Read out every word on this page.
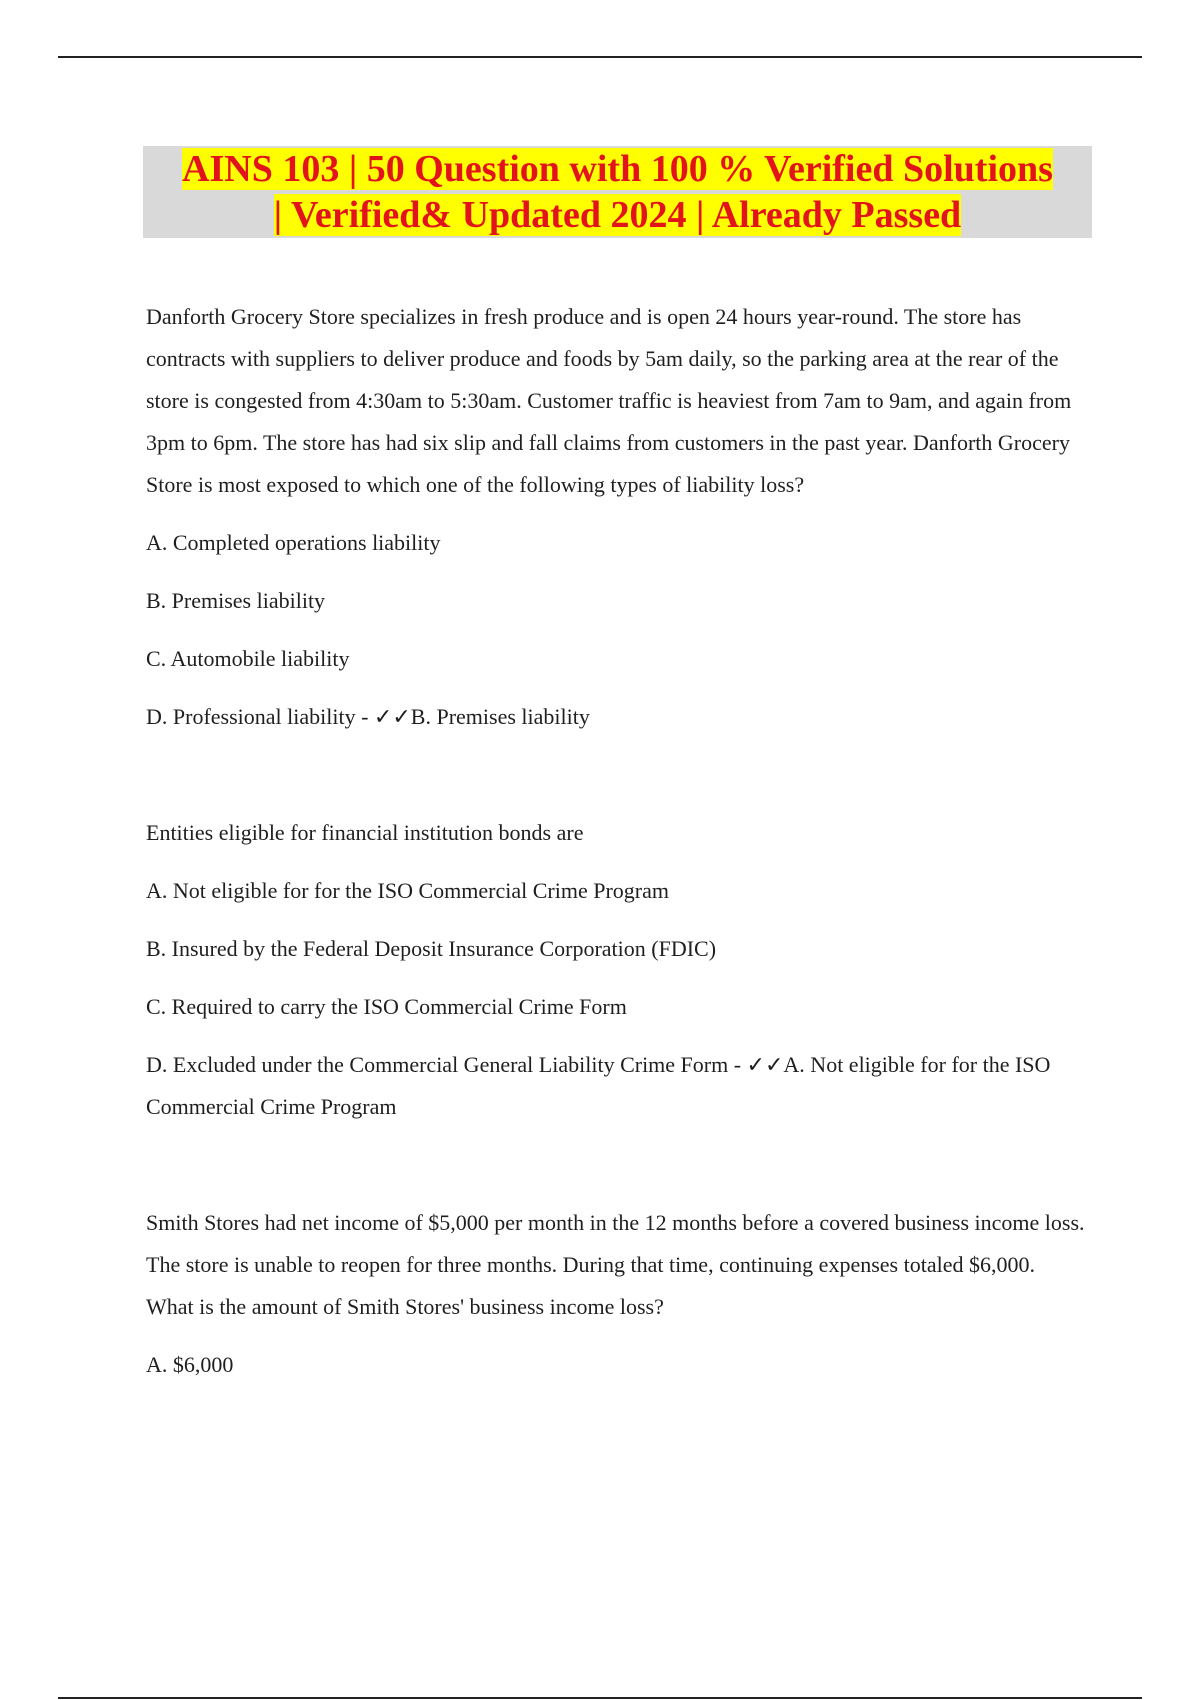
AINS 103 | 50 Question with 100 % Verified Solutions
| Verified& Updated 2024 | Already Passed

Danforth Grocery Store specializes in fresh produce and is open 24 hours year-round. The store has contracts with suppliers to deliver produce and foods by 5am daily, so the parking area at the rear of the store is congested from 4:30am to 5:30am. Customer traffic is heaviest from 7am to 9am, and again from 3pm to 6pm. The store has had six slip and fall claims from customers in the past year. Danforth Grocery Store is most exposed to which one of the following types of liability loss?

A. Completed operations liability

B. Premises liability

C. Automobile liability

D. Professional liability - ✓✓B. Premises liability

Entities eligible for financial institution bonds are

A. Not eligible for for the ISO Commercial Crime Program

B. Insured by the Federal Deposit Insurance Corporation (FDIC)

C. Required to carry the ISO Commercial Crime Form

D. Excluded under the Commercial General Liability Crime Form - ✓✓A. Not eligible for for the ISO Commercial Crime Program

Smith Stores had net income of $5,000 per month in the 12 months before a covered business income loss. The store is unable to reopen for three months. During that time, continuing expenses totaled $6,000. What is the amount of Smith Stores' business income loss?

A. $6,000
